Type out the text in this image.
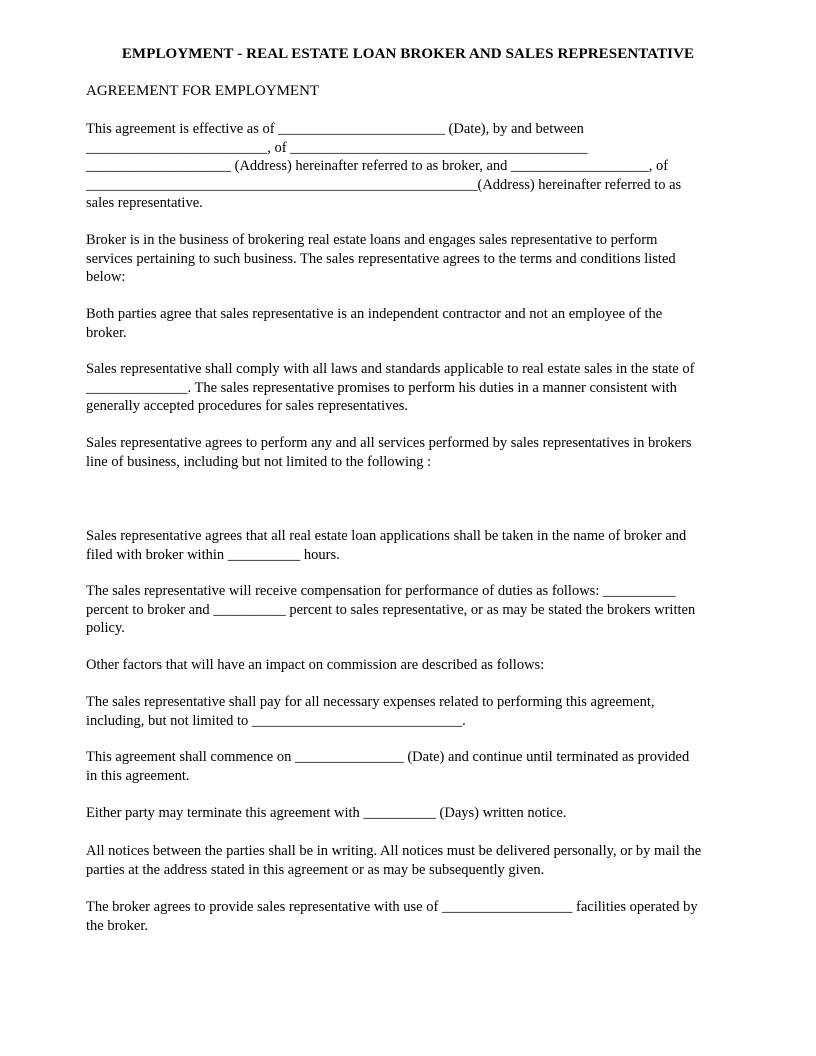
EMPLOYMENT - REAL ESTATE LOAN BROKER AND SALES REPRESENTATIVE
AGREEMENT FOR EMPLOYMENT

This agreement is effective as of _______________________ (Date), by and between

_________________________, of _________________________________________

____________________ (Address) hereinafter referred to as broker, and ___________________, of

______________________________________________________(Address) hereinafter referred to as

sales representative.

Broker is in the business of brokering real estate loans and engages sales representative to perform

services pertaining to such business. The sales representative agrees to the terms and conditions listed

below:

Both parties agree that sales representative is an independent contractor and not an employee of the

broker.

Sales representative shall comply with all laws and standards applicable to real estate sales in the state of

______________. The sales representative promises to perform his duties in a manner consistent with

generally accepted procedures for sales representatives.

Sales representative agrees to perform any and all services performed by sales representatives in brokers

line of business, including but not limited to the following :

Sales representative agrees that all real estate loan applications shall be taken in the name of broker and

filed with broker within __________ hours.

The sales representative will receive compensation for performance of duties as follows: __________

percent to broker and __________ percent to sales representative, or as may be stated the brokers written

policy.

Other factors that will have an impact on commission are described as follows:

The sales representative shall pay for all necessary expenses related to performing this agreement,

including, but not limited to _____________________________.

This agreement shall commence on _______________ (Date) and continue until terminated as provided

in this agreement.

Either party may terminate this agreement with __________ (Days) written notice.

All notices between the parties shall be in writing. All notices must be delivered personally, or by mail the

parties at the address stated in this agreement or as may be subsequently given.

The broker agrees to provide sales representative with use of __________________ facilities operated by

the broker.
